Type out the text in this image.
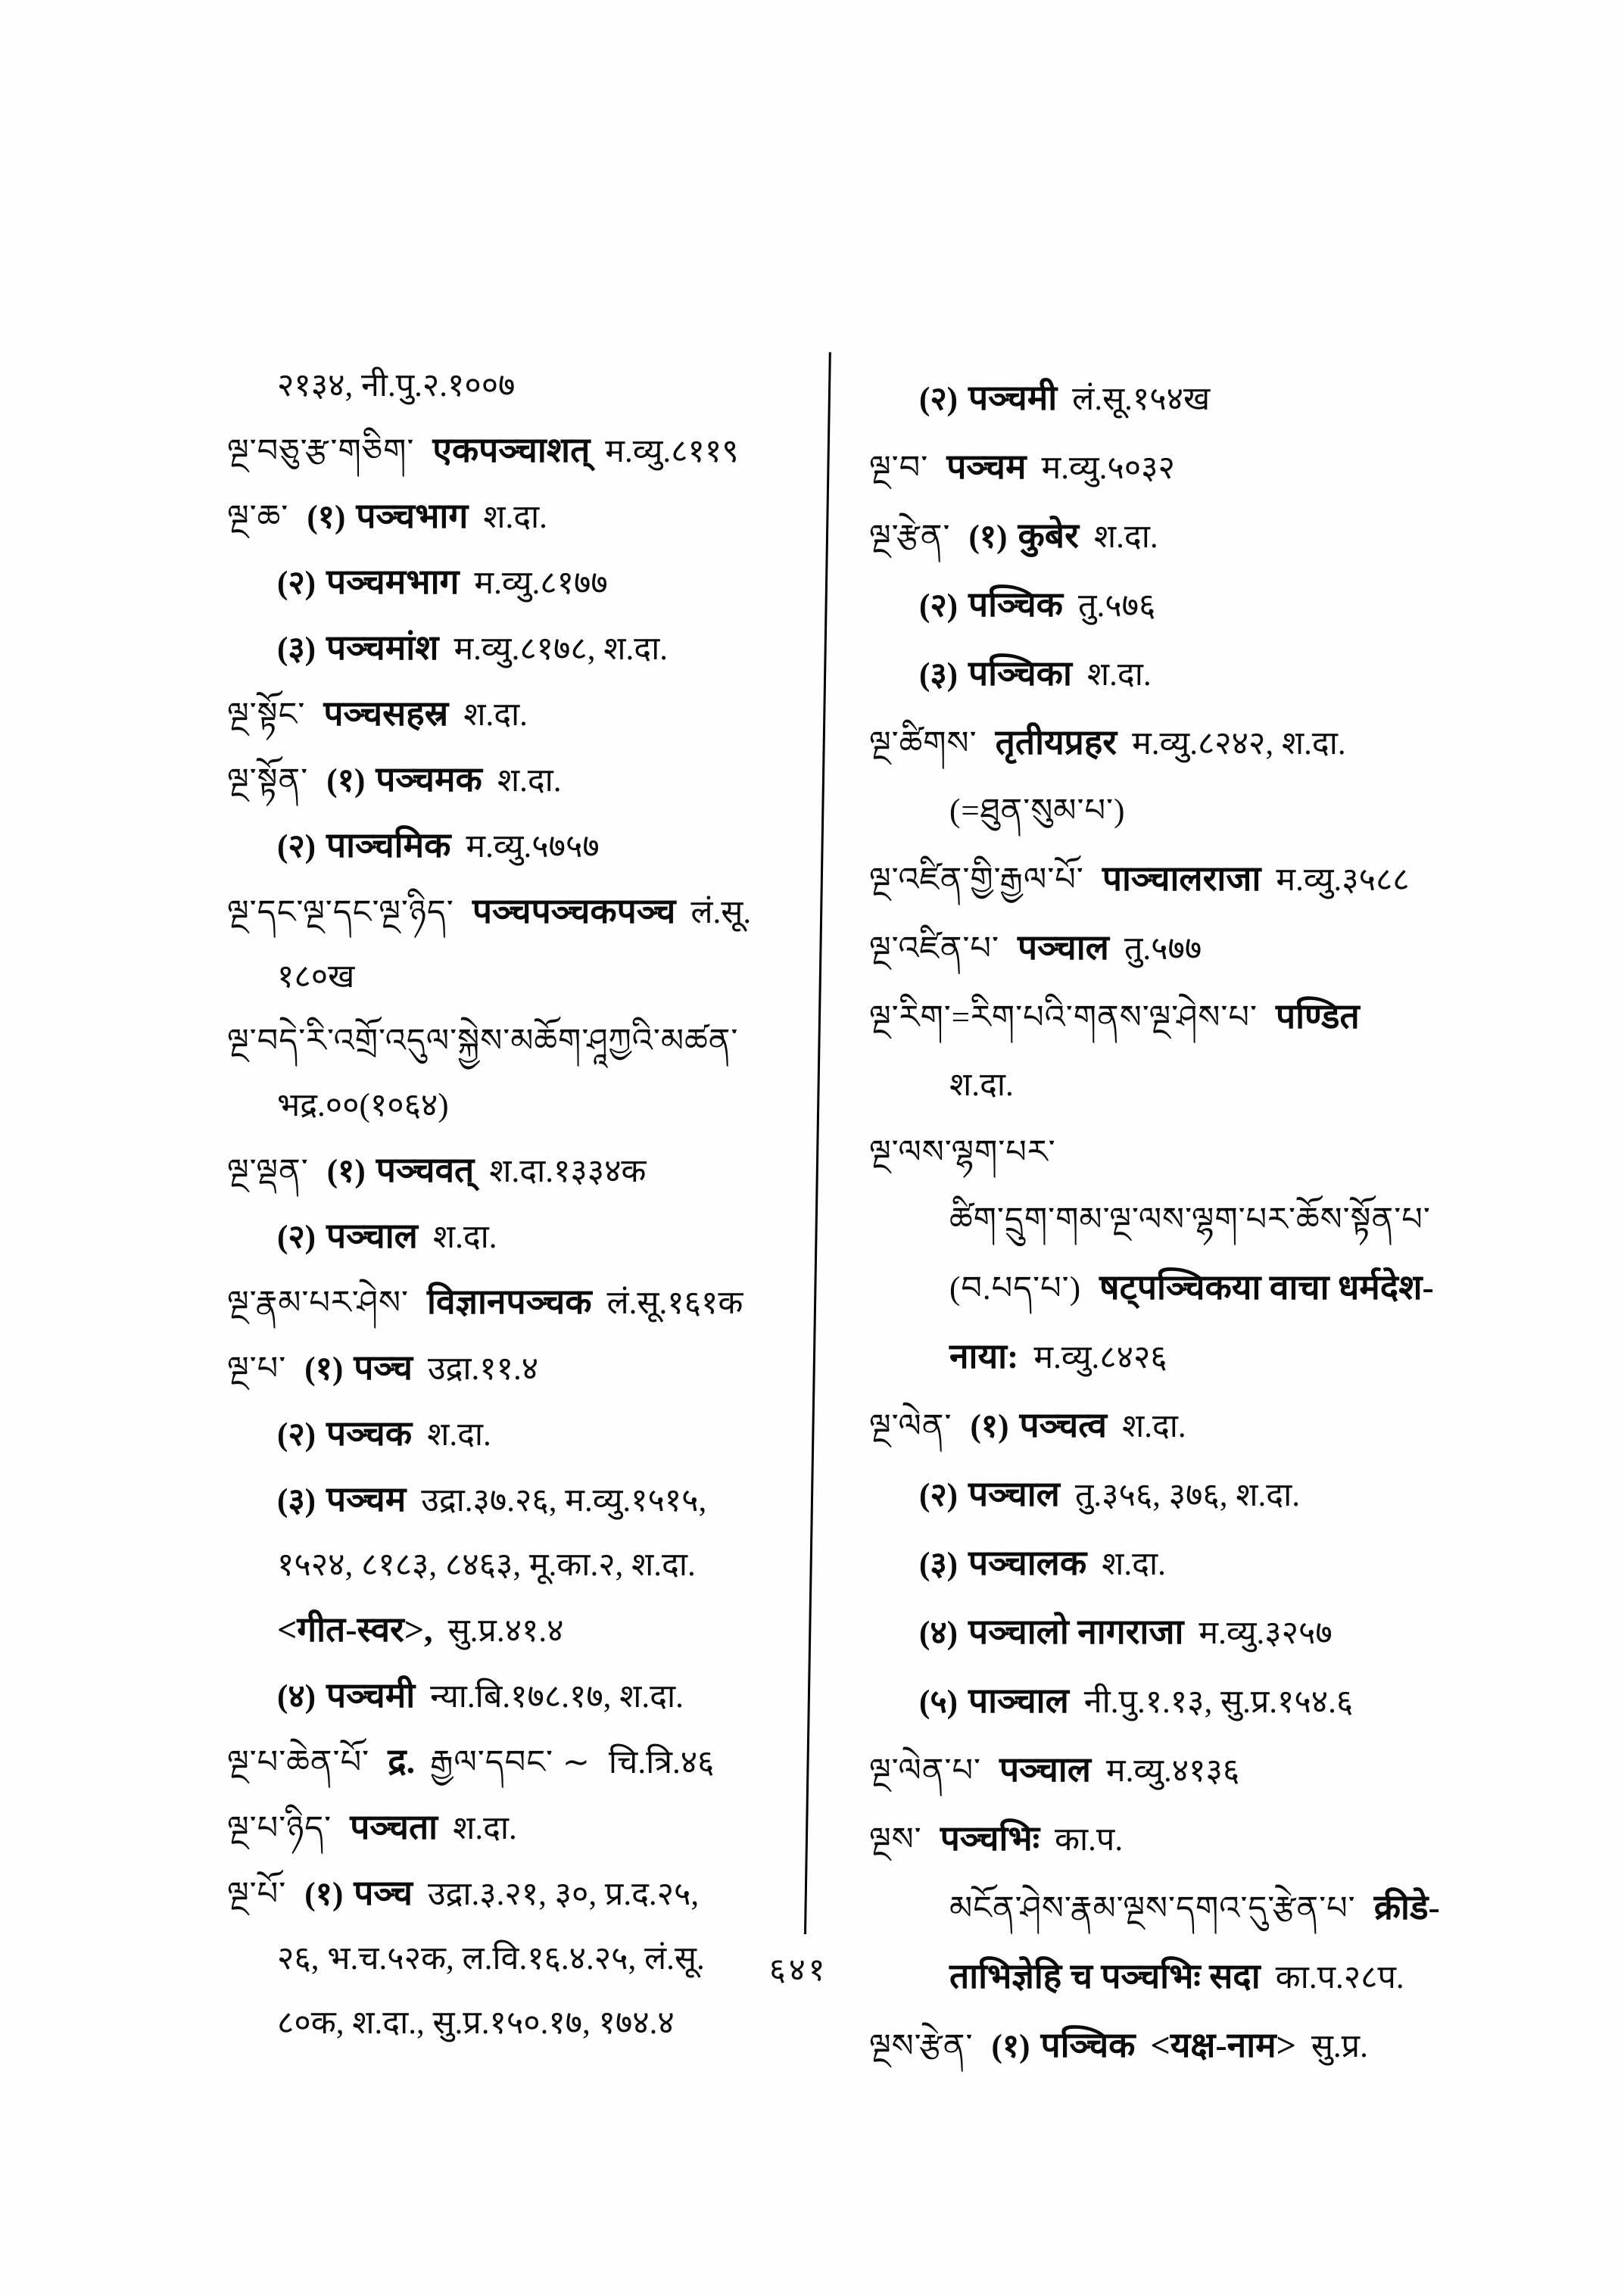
२१३४, नी.पु.२.१००७
ལྔ་བཅུ་རྩ་གཅིག་ एकपञ्चाशत् म.व्यु.८११९
ལྔ་ཆ་ (१) पञ्चभाग श.दा.
(२) पञ्चमभाग म.व्यु.८१७७
(३) पञ्चमांश म.व्यु.८१७८, श.दा.
ལྔ་སྟོང་ पञ्चसहस्र श.दा.
ལྔ་སྟོན་ (१) पञ्चमक श.दा.
(२) पाञ्चमिक म.व्यु.५७५७
ལྔ་དང་ལྔ་དང་ལྔ་ཉིད་ पञ्चपञ्चकपञ्च लं.सू.
१८०ख
ལྔ་བདེ་རི་འགྲོ་འདུལ་སྐྱེས་མཆོག་ཤཱཀྱའི་མཚན་
भद्र.००(१०६४)
ལྔ་ལྡན་ (१) पञ्चवत् श.दा.१३३४क
(२) पञ्चाल श.दा.
ལྔ་རྣམ་པར་ཤེས་ विज्ञानपञ्चक लं.सू.१६१क
ལྔ་པ་ (१) पञ्च उद्रा.११.४
(२) पञ्चक श.दा.
(३) पञ्चम उद्रा.३७.२६, म.व्यु.१५१५,
१५२४, ८१८३, ८४६३, मू.का.२, श.दा.
<गीत-स्वर>, सु.प्र.४१.४
(४) पञ्चमी न्या.बि.१७८.१७, श.दा.
ལྔ་པ་ཆེན་པོ་ द्र. རྒྱལ་དབང་ ∼ चि.त्रि.४६
ལྔ་པ་ཉིད་ पञ्चता श.दा.
ལྔ་པོ་ (१) पञ्च उद्रा.३.२१, ३०, प्र.द.२५,
२६, भ.च.५२क, ल.वि.१६.४.२५, लं.सू.
८०क, श.दा., सु.प्र.१५०.१७, १७४.४
(२) पञ्चमी लं.सू.१५४ख
ལྔ་བ་ पञ्चम म.व्यु.५०३२
ལྔ་རྩེན་ (१) कुबेर श.दा.
(२) पञ्चिक तु.५७६
(३) पञ्चिका श.दा.
ལྔ་ཚིགས་ तृतीयप्रहर म.व्यु.८२४२, श.दा.
(=ཐུན་སུམ་པ་)
ལྔ་འཛིན་གྱི་རྒྱལ་པོ་ पाञ्चालराजा म.व्यु.३५८८
ལྔ་འཛིན་པ་ पञ्चाल तु.५७७
ལྔ་རིག་=རིག་པའི་གནས་ལྔ་ཤེས་པ་ पण्डित
श.दा.
ལྔ་ལས་ལྷག་པར་
ཚིག་དྲུག་གམ་ལྔ་ལས་ལྷག་པར་ཆོས་སྟོན་པ་
(བ.པད་པ་) षट्पञ्चिकया वाचा धर्मदेश-
नाया: म.व्यु.८४२६
ལྔ་ལེན་ (१) पञ्चत्व श.दा.
(२) पञ्चाल तु.३५६, ३७६, श.दा.
(३) पञ्चालक श.दा.
(४) पञ्चालो नागराजा म.व्यु.३२५७
(५) पाञ्चाल नी.पु.१.१३, सु.प्र.१५४.६
ལྔ་ལེན་པ་ पञ्चाल म.व्यु.४१३६
ལྔས་ पञ्चभिः का.प.
མངོན་ཤེས་རྣམ་ལྔས་དགའ་དུ་རྩེན་པ་ क्रीडे-
ताभिज्ञेहि च पञ्चभिः सदा का.प.२८प.
ལྔས་རྩེན་ (१) पञ्चिक <यक्ष-नाम> सु.प्र.
६४१
